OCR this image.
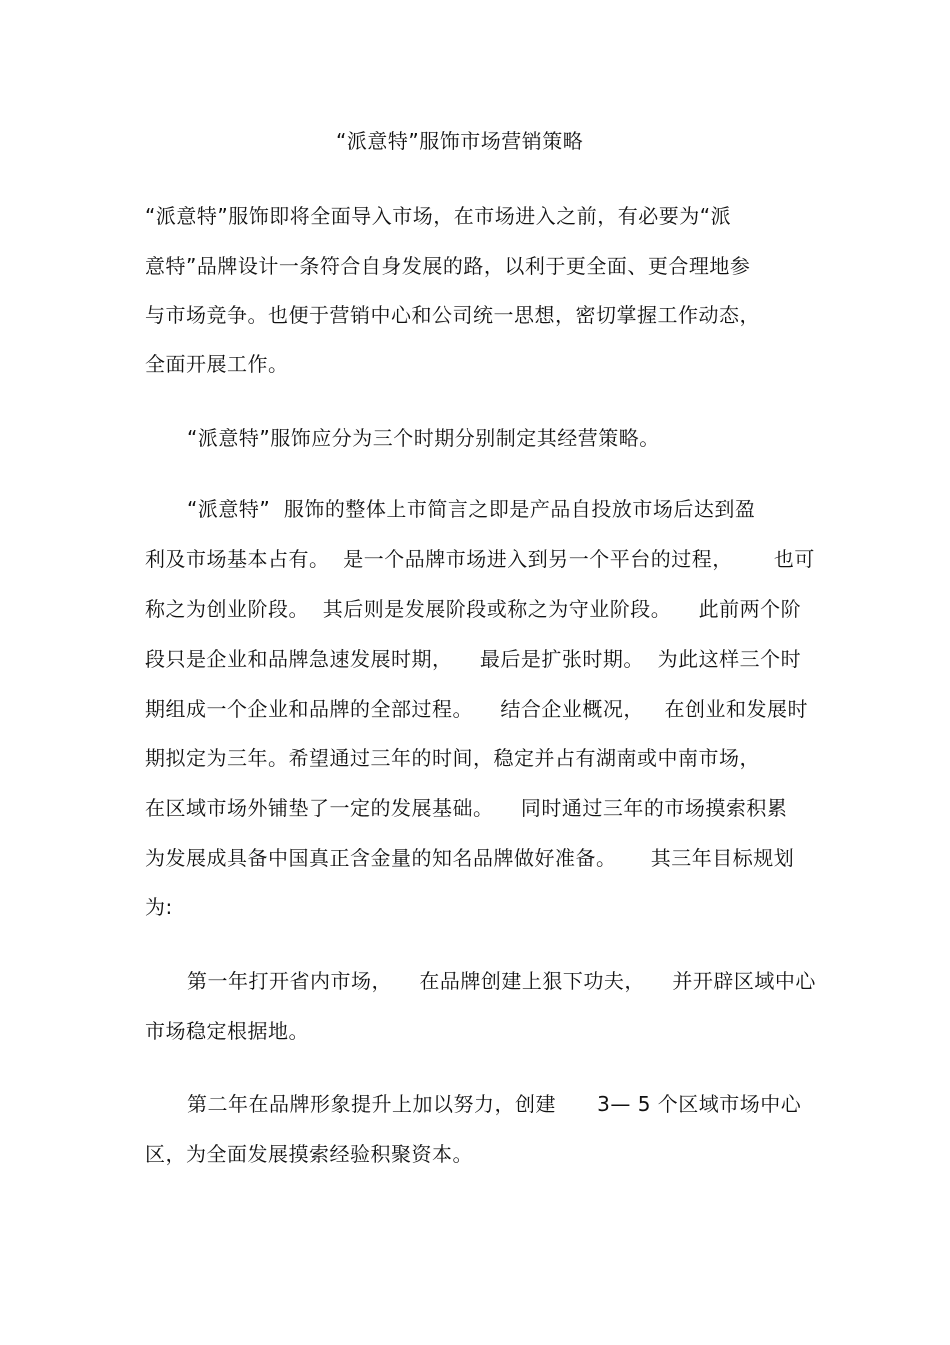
“派意特”服饰市场营销策略
“派意特”服饰即将全面导入市场，在市场进入之前，有必要为“派
意特”品牌设计一条符合自身发展的路，以利于更全面、更合理地参
与市场竞争。也便于营销中心和公司统一思想，密切掌握工作动态，
全面开展工作。
“派意特”服饰应分为三个时期分别制定其经营策略。
“派意特”  服饰的整体上市简言之即是产品自投放市场后达到盈
利及市场基本占有。  是一个品牌市场进入到另一个平台的过程，      也可
称之为创业阶段。  其后则是发展阶段或称之为守业阶段。    此前两个阶
段只是企业和品牌急速发展时期，    最后是扩张时期。  为此这样三个时
期组成一个企业和品牌的全部过程。    结合企业概况，   在创业和发展时
期拟定为三年。希望通过三年的时间，稳定并占有湖南或中南市场，
在区域市场外铺垫了一定的发展基础。    同时通过三年的市场摸索积累
为发展成具备中国真正含金量的知名品牌做好准备。     其三年目标规划
为:
第一年打开省内市场，    在品牌创建上狠下功夫，    并开辟区域中心
市场稳定根据地。
第二年在品牌形象提升上加以努力，创建      3— 5 个区域市场中心
区，为全面发展摸索经验积聚资本。
